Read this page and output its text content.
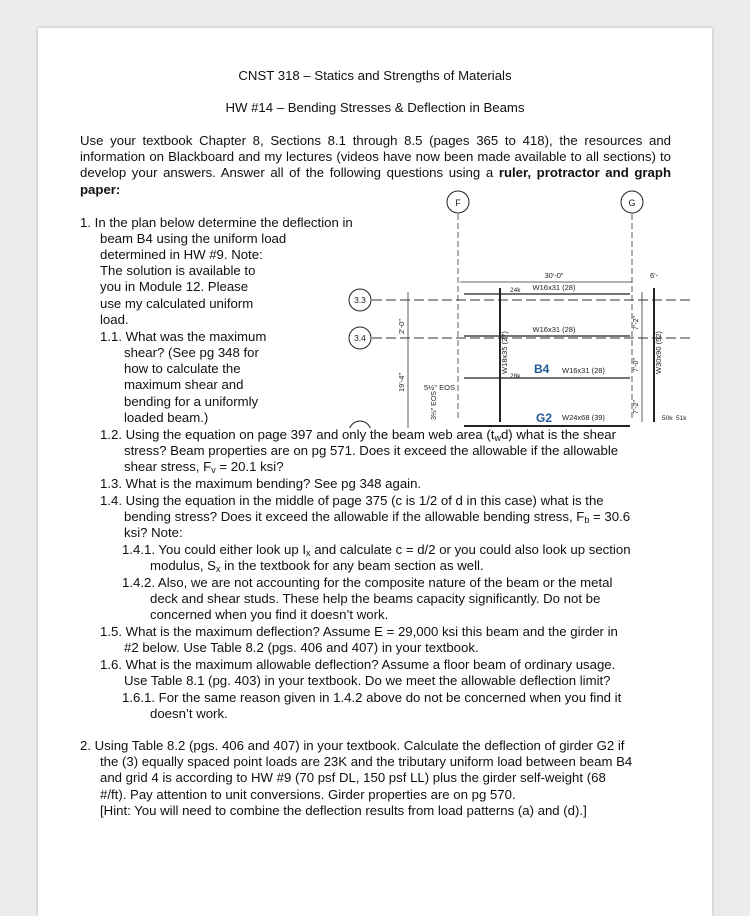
CNST 318 – Statics and Strengths of Materials
HW #14 – Bending Stresses & Deflection in Beams
Use your textbook Chapter 8, Sections 8.1 through 8.5 (pages 365 to 418), the resources and information on Blackboard and my lectures (videos have now been made available to all sections) to develop your answers. Answer all of the following questions using a ruler, protractor and graph paper:
1. In the plan below determine the deflection in
beam B4 using the uniform load
determined in HW #9. Note:
The solution is available to
you in Module 12. Please
use my calculated uniform
load.
1.1. What was the maximum
shear? (See pg 348 for
how to calculate the
maximum shear and
bending for a uniformly
loaded beam.)
1.2. Using the equation on page 397 and only the beam web area $(t_wd)$ what is the shear
stress? Beam properties are on pg 571. Does it exceed the allowable if the allowable
shear stress, $F_v = 20.1$ ksi?
1.3. What is the maximum bending? See pg 348 again.
1.4. Using the equation in the middle of page 375 (c is 1/2 of d in this case) what is the
bending stress? Does it exceed the allowable if the allowable bending stress, $F_b = 30.6$
ksi? Note:
1.4.1. You could either look up $I_x$ and calculate c = d/2 or you could also look up section
modulus, $S_x$ in the textbook for any beam section as well.
1.4.2. Also, we are not accounting for the composite nature of the beam or the metal
deck and shear studs. These help the beams capacity significantly. Do not be
concerned when you find it doesn’t work.
1.5. What is the maximum deflection? Assume E = 29,000 ksi this beam and the girder in
#2 below. Use Table 8.2 (pgs. 406 and 407) in your textbook.
1.6. What is the maximum allowable deflection? Assume a floor beam of ordinary usage.
Use Table 8.1 (pg. 403) in your textbook. Do we meet the allowable deflection limit?
1.6.1. For the same reason given in 1.4.2 above do not be concerned when you find it
doesn’t work.
2. Using Table 8.2 (pgs. 406 and 407) in your textbook. Calculate the deflection of girder G2 if
the (3) equally spaced point loads are 23K and the tributary uniform load between beam B4
and grid 4 is according to HW #9 (70 psf DL, 150 psf LL) plus the girder self-weight (68
#/ft). Pay attention to unit conversions. Girder properties are on pg 570.
[Hint: You will need to combine the deflection results from load patterns (a) and (d).]
F	G
3.3
3.4
30'-0"	6'-
W16x31 (28)
W16x31 (28)
B4 W16x31 (28)
G2 W24x68 (39)
W18x35 (27)	W30x90 (52)
2'-0"
19'-4"
7'-2"
7'-0"
7'-2"
5½" EOS
3½" EOS
24k
28k
50k 51k
